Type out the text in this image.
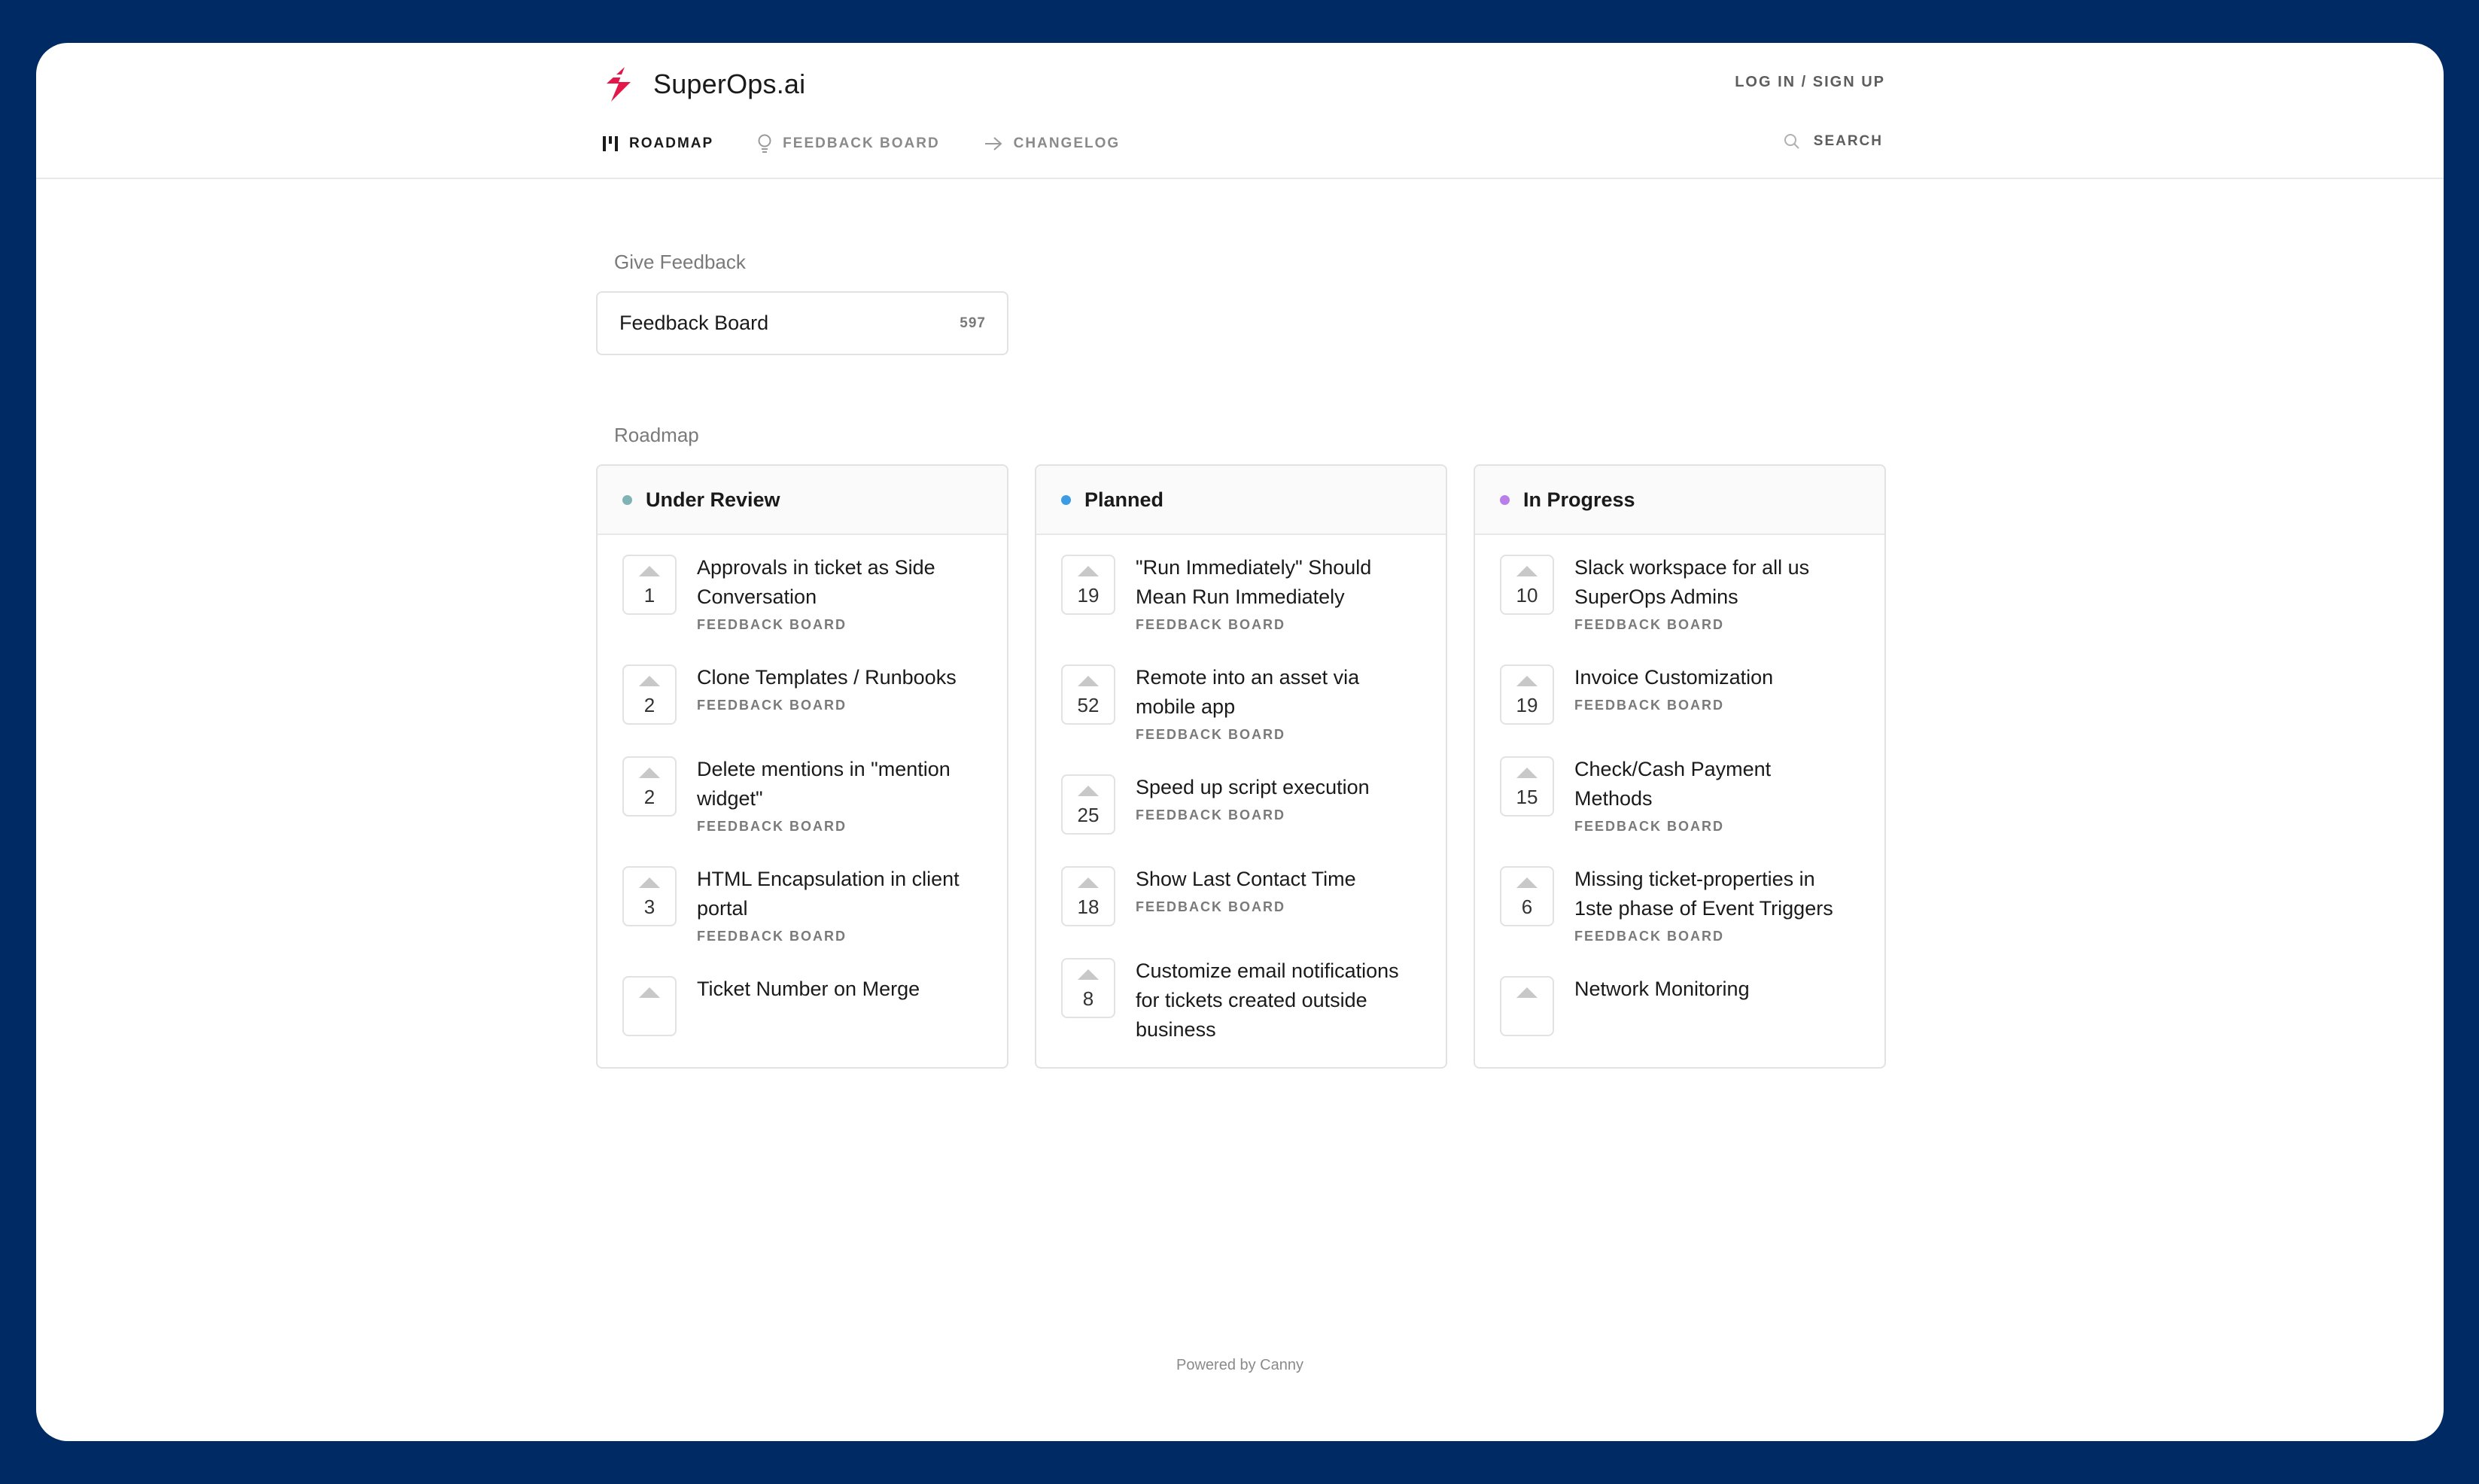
SuperOps.ai	LOG IN / SIGN UP
ROADMAP	FEEDBACK BOARD	CHANGELOG	SEARCH
Give Feedback
Feedback Board	597
Roadmap
Under Review
1
Approvals in ticket as Side Conversation
FEEDBACK BOARD
2
Clone Templates / Runbooks
FEEDBACK BOARD
2
Delete mentions in "mention widget"
FEEDBACK BOARD
3
HTML Encapsulation in client portal
FEEDBACK BOARD
Ticket Number on Merge
Planned
19
"Run Immediately" Should Mean Run Immediately
FEEDBACK BOARD
52
Remote into an asset via mobile app
FEEDBACK BOARD
25
Speed up script execution
FEEDBACK BOARD
18
Show Last Contact Time
FEEDBACK BOARD
8
Customize email notifications for tickets created outside business
In Progress
10
Slack workspace for all us SuperOps Admins
FEEDBACK BOARD
19
Invoice Customization
FEEDBACK BOARD
15
Check/Cash Payment Methods
FEEDBACK BOARD
6
Missing ticket-properties in 1ste phase of Event Triggers
FEEDBACK BOARD
Network Monitoring
Powered by Canny
